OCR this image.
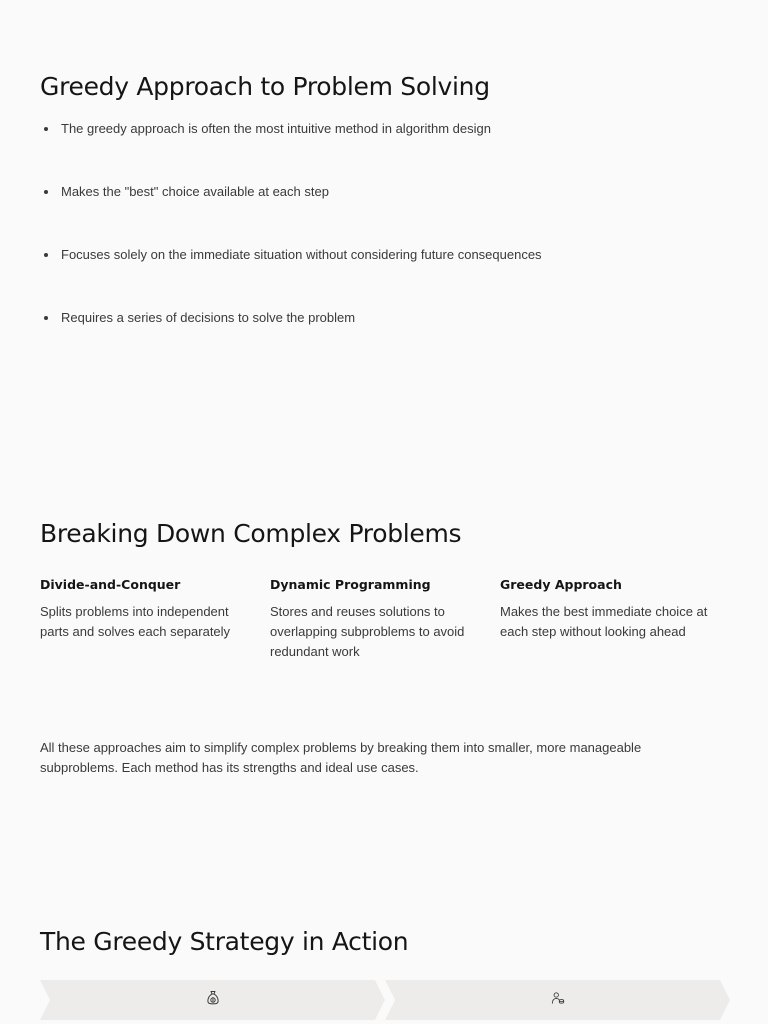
Greedy Approach to Problem Solving
The greedy approach is often the most intuitive method in algorithm design
Makes the "best" choice available at each step
Focuses solely on the immediate situation without considering future consequences
Requires a series of decisions to solve the problem
Breaking Down Complex Problems
Divide-and-Conquer
Splits problems into independent parts and solves each separately
Dynamic Programming
Stores and reuses solutions to overlapping subproblems to avoid redundant work
Greedy Approach
Makes the best immediate choice at each step without looking ahead

All these approaches aim to simplify complex problems by breaking them into smaller, more manageable subproblems. Each method has its strengths and ideal use cases.

The Greedy Strategy in Action
